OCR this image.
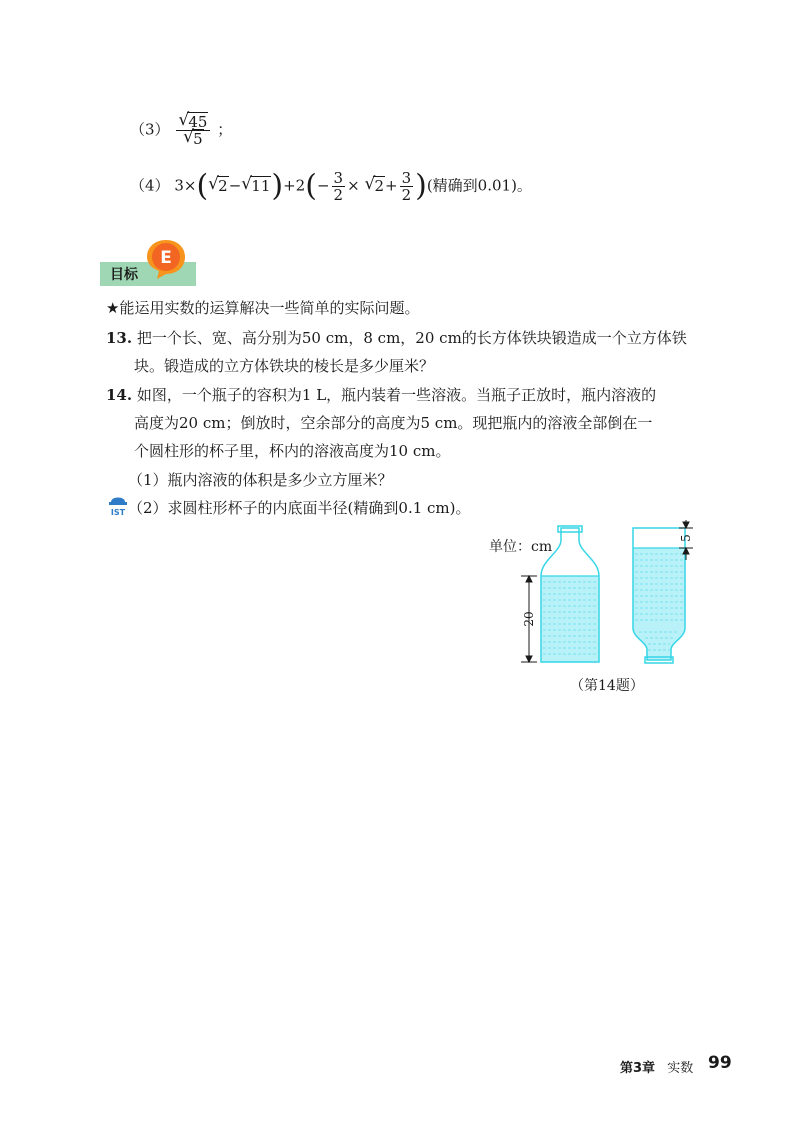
$(3) \frac{√ 45}{√ 5}$ ；
（4） 3×( √ 2− √ $11)+2(- \frac{3}{2}$ × √ $2+ \frac{3}{2}$ )(精确到0.01)。
目标
E
★能运用实数的运算解决一些简单的实际问题。
13. 把一个长、宽、高分别为50 cm，8 cm，20 cm的长方体铁块锻造成一个立方体铁
块。锻造成的立方体铁块的棱长是多少厘米？
14. 如图，一个瓶子的容积为1 L，瓶内装着一些溶液。当瓶子正放时，瓶内溶液的
高度为20 cm；倒放时，空余部分的高度为5 cm。现把瓶内的溶液全部倒在一
个圆柱形的杯子里，杯内的溶液高度为10 cm。
（1）瓶内溶液的体积是多少立方厘米？
IST （2）求圆柱形杯子的内底面半径(精确到0.1 cm)。
单位：cm
20
5
（第14题）
第3章 实数 99
